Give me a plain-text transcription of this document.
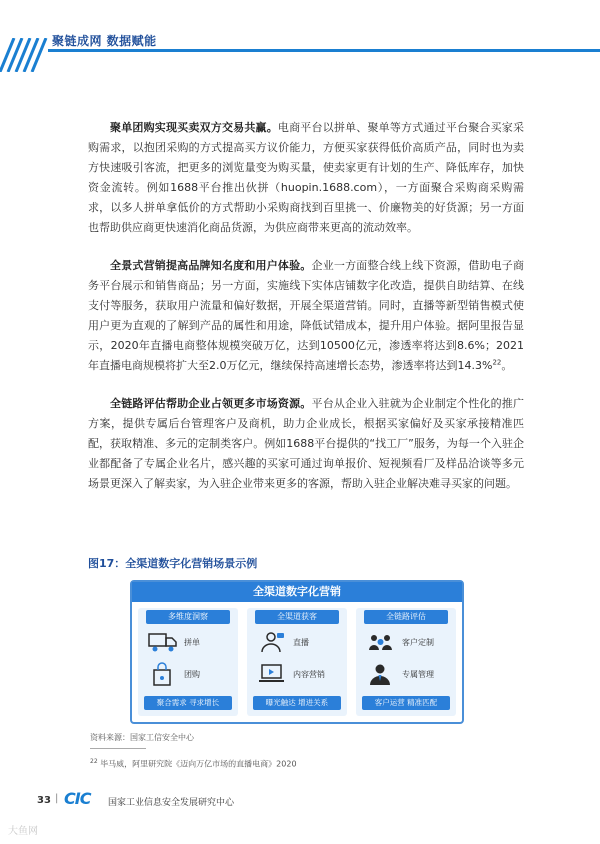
聚链成网 数据赋能

聚单团购实现买卖双方交易共赢。电商平台以拼单、聚单等方式通过平台聚合买家采购需求，以抱团采购的方式提高买方议价能力，方便买家获得低价高质产品，同时也为卖方快速吸引客流，把更多的浏览量变为购买量，使卖家更有计划的生产、降低库存，加快资金流转。例如1688平台推出伙拼（huopin.1688.com），一方面聚合采购商采购需求，以多人拼单拿低价的方式帮助小采购商找到百里挑一、价廉物美的好货源；另一方面也帮助供应商更快速消化商品货源，为供应商带来更高的流动效率。

全景式营销提高品牌知名度和用户体验。企业一方面整合线上线下资源，借助电子商务平台展示和销售商品；另一方面，实施线下实体店铺数字化改造，提供自助结算、在线支付等服务，获取用户流量和偏好数据，开展全渠道营销。同时，直播等新型销售模式使用户更为直观的了解到产品的属性和用途，降低试错成本，提升用户体验。据阿里报告显示，2020年直播电商整体规模突破万亿，达到10500亿元，渗透率将达到8.6%；2021年直播电商规模将扩大至2.0万亿元，继续保持高速增长态势，渗透率将达到14.3%$^{22}$。

全链路评估帮助企业占领更多市场资源。平台从企业入驻就为企业制定个性化的推广方案，提供专属后台管理客户及商机，助力企业成长，根据买家偏好及买家承接精准匹配，获取精准、多元的定制类客户。例如1688平台提供的“找工厂”服务，为每一个入驻企业都配备了专属企业名片，感兴趣的买家可通过询单报价、短视频看厂及样品洽谈等多元场景更深入了解卖家，为入驻企业带来更多的客源，帮助入驻企业解决难寻买家的问题。

图17：全渠道数字化营销场景示例
全渠道数字化营销
多维度洞察
拼单
团购
聚合需求 寻求增长
全渠道获客
直播
内容营销
曝光触达 增进关系
全链路评估
客户定制
专属管理
客户运营 精准匹配
资料来源：国家工信安全中心
$^{22}$ 毕马威，阿里研究院《迈向万亿市场的直播电商》2020
33 | CIC 国家工业信息安全发展研究中心
大鱼网
